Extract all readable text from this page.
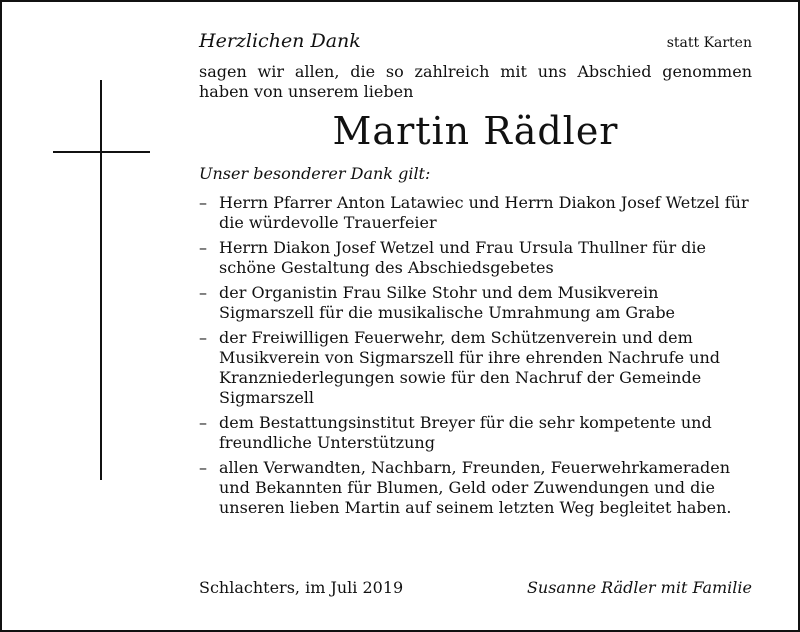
Herzlichen Dank	statt Karten
sagen wir allen, die so zahlreich mit uns Abschied genommen haben von unserem lieben
Martin Rädler
Unser besonderer Dank gilt:
– Herrn Pfarrer Anton Latawiec und Herrn Diakon Josef Wetzel für die würdevolle Trauerfeier
– Herrn Diakon Josef Wetzel und Frau Ursula Thullner für die schöne Gestaltung des Abschiedsgebetes
– der Organistin Frau Silke Stohr und dem Musikverein Sigmarszell für die musikalische Umrahmung am Grabe
– der Freiwilligen Feuerwehr, dem Schützenverein und dem Musikverein von Sigmarszell für ihre ehrenden Nachrufe und Kranzniederlegungen sowie für den Nachruf der Gemeinde Sigmarszell
– dem Bestattungsinstitut Breyer für die sehr kompetente und freundliche Unterstützung
– allen Verwandten, Nachbarn, Freunden, Feuerwehrkameraden und Bekannten für Blumen, Geld oder Zuwendungen und die unseren lieben Martin auf seinem letzten Weg begleitet haben.
Schlachters, im Juli 2019	Susanne Rädler mit Familie
